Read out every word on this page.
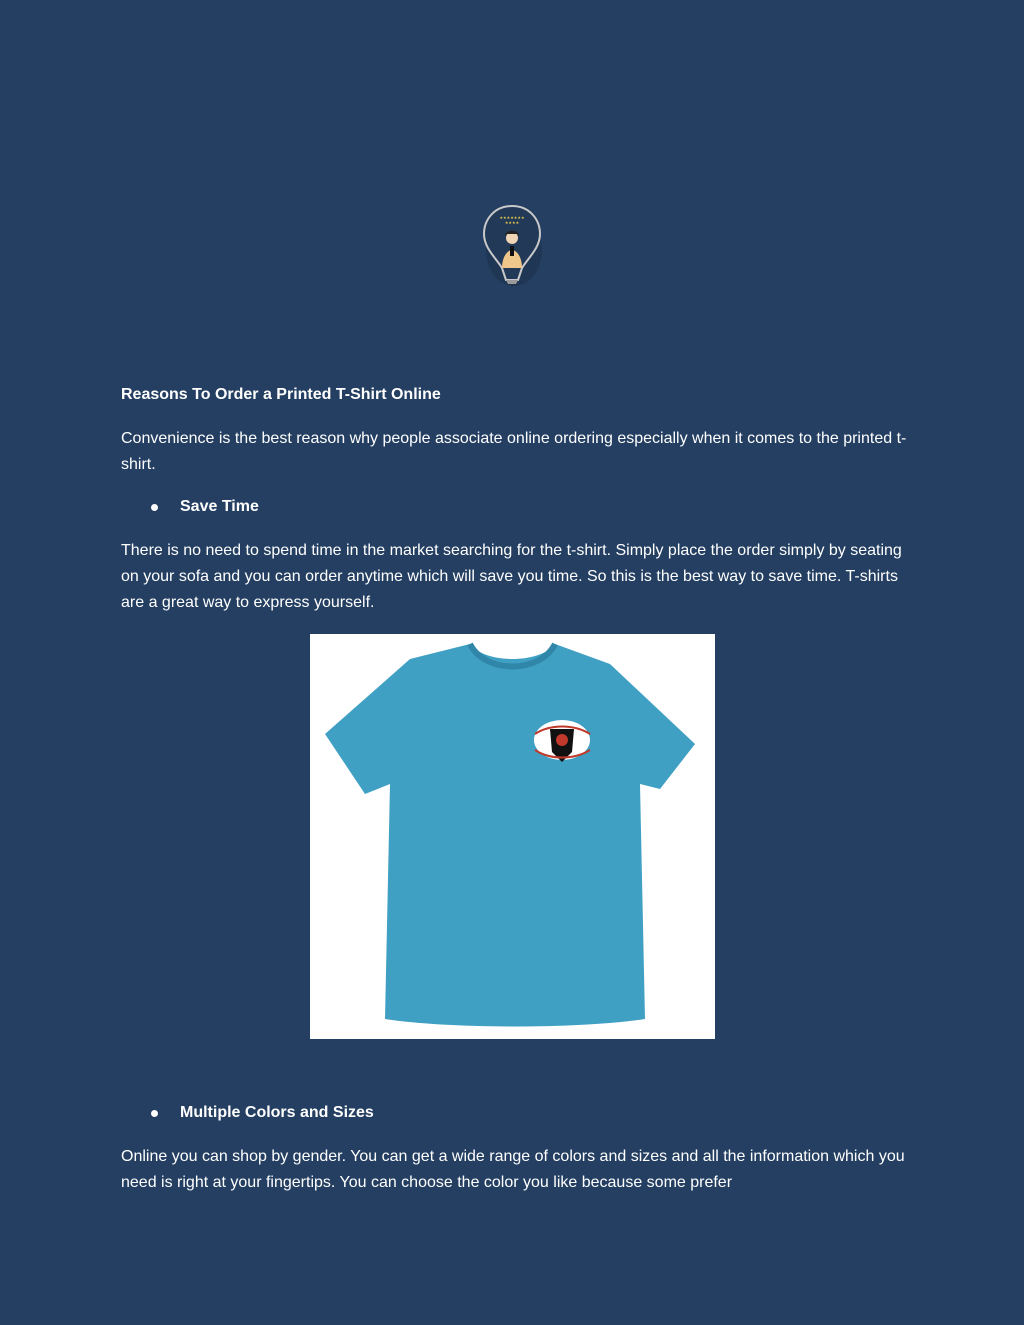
★★★★★★★
★★★★
Reasons To Order a Printed T-Shirt Online
Convenience is the best reason why people associate online ordering especially when it comes to the printed t-shirt.
Save Time
There is no need to spend time in the market searching for the t-shirt. Simply place the order simply by seating on your sofa and you can order anytime which will save you time. So this is the best way to save time. T-shirts are a great way to express yourself.
Multiple Colors and Sizes
Online you can shop by gender. You can get a wide range of colors and sizes and all the information which you need is right at your fingertips. You can choose the color you like because some prefer
